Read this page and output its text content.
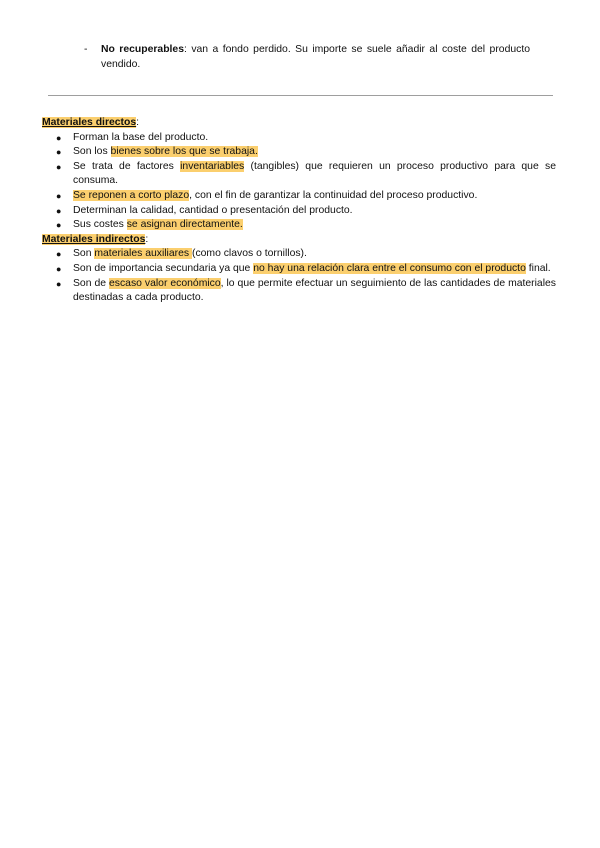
- No recuperables: van a fondo perdido. Su importe se suele añadir al coste del producto vendido.
Materiales directos:
● Forman la base del producto.
● Son los bienes sobre los que se trabaja.
● Se trata de factores inventariables (tangibles) que requieren un proceso productivo para que se consuma.
● Se reponen a corto plazo, con el fin de garantizar la continuidad del proceso productivo.
● Determinan la calidad, cantidad o presentación del producto.
● Sus costes se asignan directamente.
Materiales indirectos:
● Son materiales auxiliares (como clavos o tornillos).
● Son de importancia secundaria ya que no hay una relación clara entre el consumo con el producto final.
● Son de escaso valor económico, lo que permite efectuar un seguimiento de las cantidades de materiales destinadas a cada producto.
